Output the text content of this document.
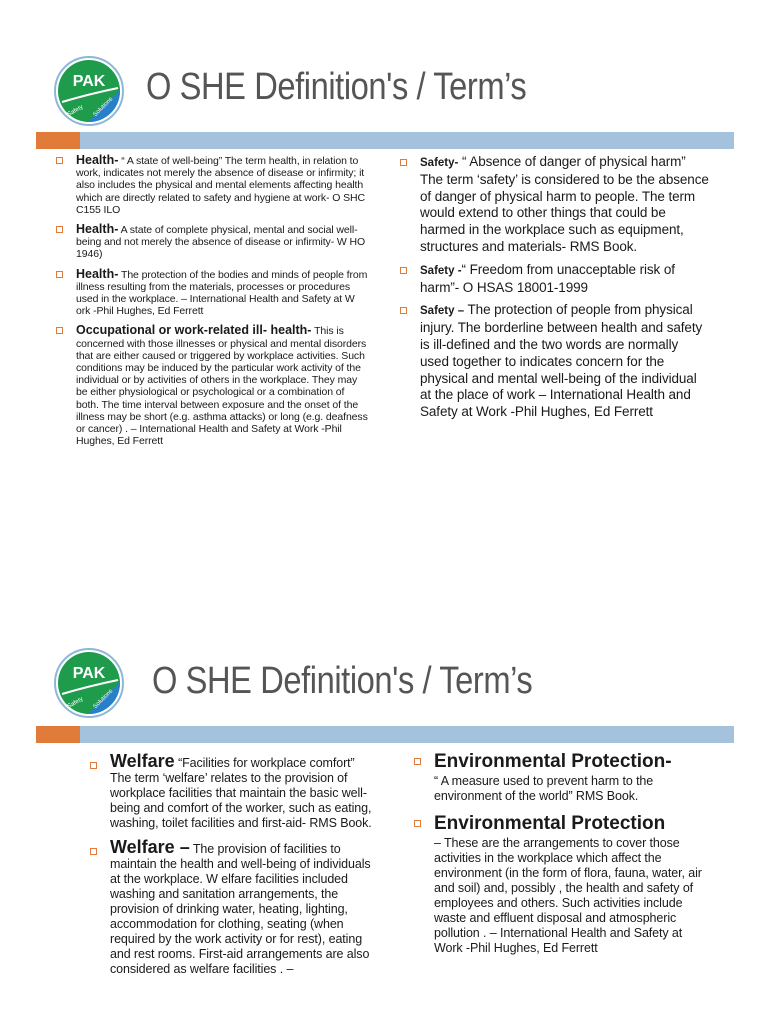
PAK
Safety Solutions O SHE Definition's / Term’s
Health- “ A state of well-being” The term health, in relation to work, indicates not merely the absence of disease or infirmity; it also includes the physical and mental elements affecting health which are directly related to safety and hygiene at work- O SHC C155 ILO
Health- A state of complete physical, mental and social well-being and not merely the absence of disease or infirmity- W HO 1946)
Health- The protection of the bodies and minds of people from illness resulting from the materials, processes or procedures used in the workplace. – International Health and Safety at W ork -Phil Hughes, Ed Ferrett
Occupational or work-related ill- health- This is concerned with those illnesses or physical and mental disorders that are either caused or triggered by workplace activities. Such conditions may be induced by the particular work activity of the individual or by activities of others in the workplace. They may be either physiological or psychological or a combination of both. The time interval between exposure and the onset of the illness may be short (e.g. asthma attacks) or long (e.g. deafness or cancer) . – International Health and Safety at Work -Phil Hughes, Ed Ferrett
Safety- “ Absence of danger of physical harm” The term ‘safety’ is considered to be the absence of danger of physical harm to people. The term would extend to other things that could be harmed in the workplace such as equipment, structures and materials- RMS Book.
Safety -“ Freedom from unacceptable risk of harm”- O HSAS 18001-1999
Safety – The protection of people from physical injury. The borderline between health and safety is ill-defined and the two words are normally used together to indicates concern for the physical and mental well-being of the individual at the place of work – International Health and Safety at Work -Phil Hughes, Ed Ferrett
PAK
Safety Solutions O SHE Definition's / Term’s
Welfare “Facilities for workplace comfort” The term ‘welfare’ relates to the provision of workplace facilities that maintain the basic well-being and comfort of the worker, such as eating, washing, toilet facilities and first-aid- RMS Book.
Welfare – The provision of facilities to maintain the health and well-being of individuals at the workplace. W elfare facilities included washing and sanitation arrangements, the provision of drinking water, heating, lighting, accommodation for clothing, seating (when required by the work activity or for rest), eating and rest rooms. First-aid arrangements are also considered as welfare facilities . –
Environmental Protection-
“ A measure used to prevent harm to the environment of the world” RMS Book.
Environmental Protection
– These are the arrangements to cover those activities in the workplace which affect the environment (in the form of flora, fauna, water, air and soil) and, possibly , the health and safety of employees and others. Such activities include waste and effluent disposal and atmospheric pollution . – International Health and Safety at Work -Phil Hughes, Ed Ferrett
